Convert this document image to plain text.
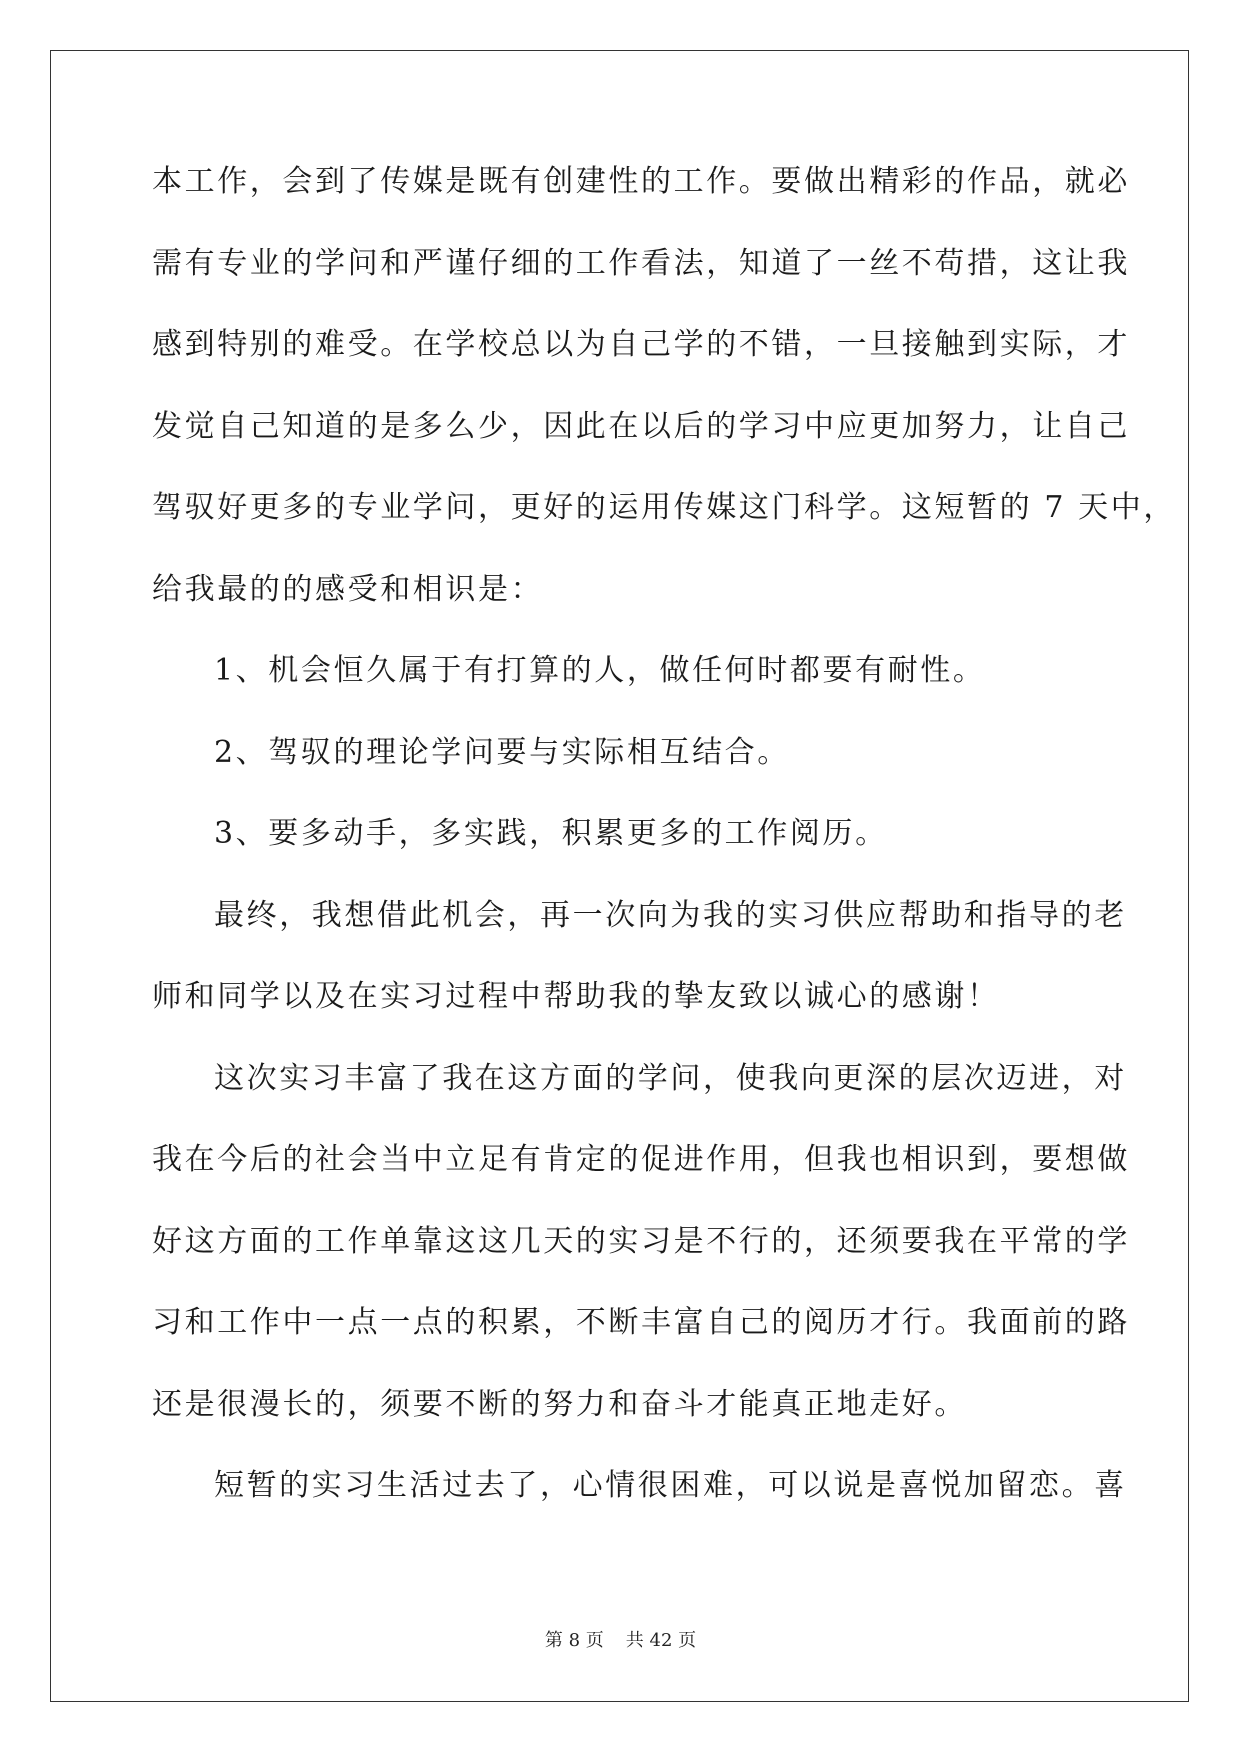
本工作，会到了传媒是既有创建性的工作。要做出精彩的作品，就必
需有专业的学问和严谨仔细的工作看法，知道了一丝不苟措，这让我
感到特别的难受。在学校总以为自己学的不错，一旦接触到实际，才
发觉自己知道的是多么少，因此在以后的学习中应更加努力，让自己
驾驭好更多的专业学问，更好的运用传媒这门科学。这短暂的 7 天中，
给我最的的感受和相识是：
1、机会恒久属于有打算的人，做任何时都要有耐性。
2、驾驭的理论学问要与实际相互结合。
3、要多动手，多实践，积累更多的工作阅历。
最终，我想借此机会，再一次向为我的实习供应帮助和指导的老
师和同学以及在实习过程中帮助我的挚友致以诚心的感谢！
这次实习丰富了我在这方面的学问，使我向更深的层次迈进，对
我在今后的社会当中立足有肯定的促进作用，但我也相识到，要想做
好这方面的工作单靠这这几天的实习是不行的，还须要我在平常的学
习和工作中一点一点的积累，不断丰富自己的阅历才行。我面前的路
还是很漫长的，须要不断的努力和奋斗才能真正地走好。
短暂的实习生活过去了，心情很困难，可以说是喜悦加留恋。喜
第 8 页 共 42 页
